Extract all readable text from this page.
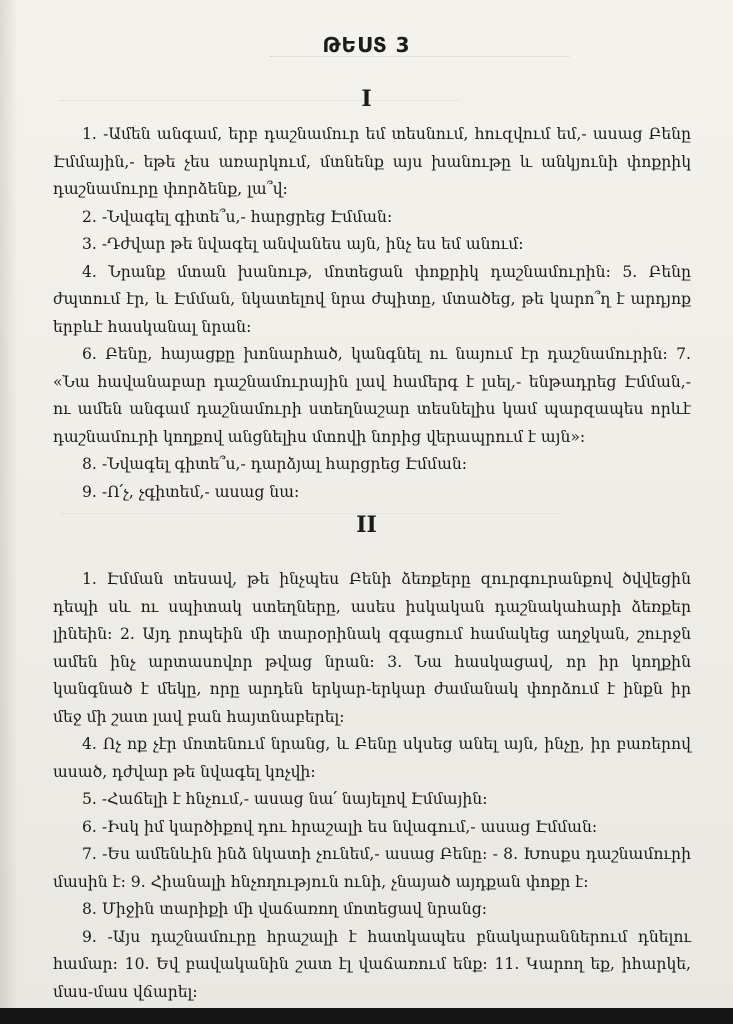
ԹԵՍՏ 3
I

1. -Ամեն անգամ, երբ դաշնամուր եմ տեսնում, հուզվում եմ,- ասաց Բենը Էմմային,- եթե չես առարկում, մտնենք այս խանութը և անկյունի փոքրիկ դաշնամուրը փորձենք, լա՞վ:

2. -Նվագել գիտե՞ս,- հարցրեց Էմման:

3. -Դժվար թե նվագել անվանես այն, ինչ ես եմ անում:

4. Նրանք մտան խանութ, մոտեցան փոքրիկ դաշնամուրին: 5. Բենը ժպտում էր, և Էմման, նկատելով նրա ժպիտը, մտածեց, թե կարո՞ղ է արդյոք երբևէ հասկանալ նրան:

6. Բենը, հայացքը խոնարհած, կանգնել ու նայում էր դաշնամուրին: 7. «Նա հավանաբար դաշնամուրային լավ համերգ է լսել,- ենթադրեց Էմման,- ու ամեն անգամ դաշնամուրի ստեղնաշար տեսնելիս կամ պարզապես որևէ դաշնամուրի կողքով անցնելիս մտովի նորից վերապրում է այն»:

8. -Նվագել գիտե՞ս,- դարձյալ հարցրեց Էմման:

9. -Ո՛չ, չգիտեմ,- ասաց նա:

II

1. Էմման տեսավ, թե ինչպես Բենի ձեռքերը զուրգուրանքով ծվվեցին դեպի սև ու սպիտակ ստեղները, ասես իսկական դաշնակահարի ձեռքեր լինեին: 2. Այդ րոպեին մի տարօրինակ զգացում համակեց աղջկան, շուրջն ամեն ինչ արտասովոր թվաց նրան: 3. Նա հասկացավ, որ իր կողքին կանգնած է մեկը, որը արդեն երկար-երկար ժամանակ փորձում է ինքն իր մեջ մի շատ լավ բան հայտնաբերել:

4. Ոչ ոք չէր մոտենում նրանց, և Բենը սկսեց անել այն, ինչը, իր բառերով ասած, դժվար թե նվագել կոչվի:

5. -Հաճելի է հնչում,- ասաց նա՛ նայելով Էմմային:

6. -Իսկ իմ կարծիքով դու հրաշալի ես նվագում,- ասաց Էմման:

7. -Ես ամենևին ինձ նկատի չունեմ,- ասաց Բենը: - 8. Խոսքս դաշնամուրի մասին է: 9. Հիանալի հնչողություն ունի, չնայած այդքան փոքր է:

8. Միջին տարիքի մի վաճառող մոտեցավ նրանց:

9. -Այս դաշնամուրը հրաշալի է հատկապես բնակարաններում դնելու համար: 10. Եվ բավականին շատ էլ վաճառում ենք: 11. Կարող եք, իհարկե, մաս-մաս վճարել:
